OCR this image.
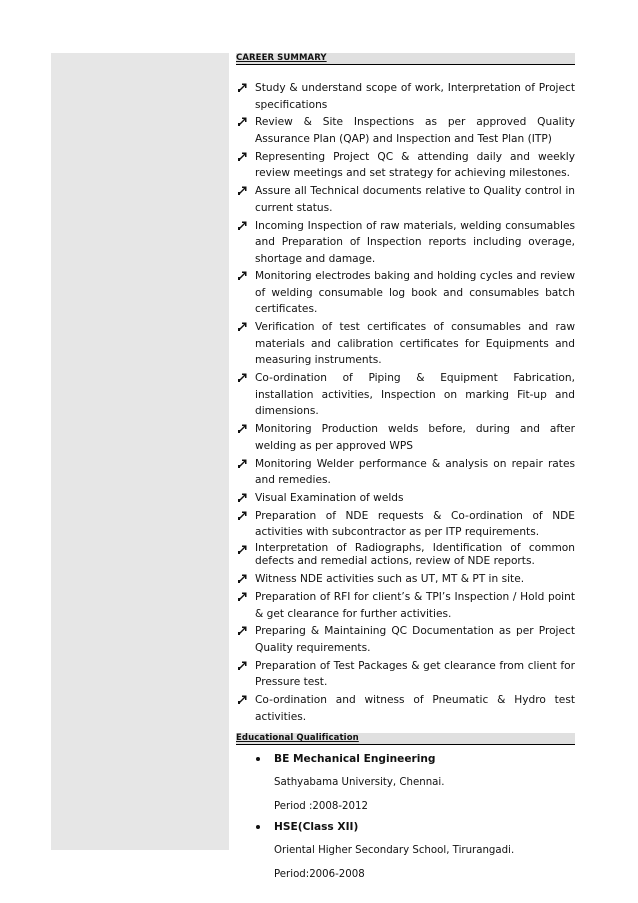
CAREER SUMMARY
Study & understand scope of work, Interpretation of Project specifications
Review & Site Inspections as per approved Quality Assurance Plan (QAP) and Inspection and Test Plan (ITP)
Representing Project QC & attending daily and weekly review meetings and set strategy for achieving milestones.
Assure all Technical documents relative to Quality control in current status.
Incoming Inspection of raw materials, welding consumables and Preparation of Inspection reports including overage, shortage and damage.
Monitoring electrodes baking and holding cycles and review of welding consumable log book and consumables batch certificates.
Verification of test certificates of consumables and raw materials and calibration certificates for Equipments and measuring instruments.
Co-ordination of Piping & Equipment Fabrication, installation activities, Inspection on marking Fit-up and dimensions.
Monitoring Production welds before, during and after welding as per approved WPS
Monitoring Welder performance & analysis on repair rates and remedies.
Visual Examination of welds
Preparation of NDE requests & Co-ordination of NDE activities with subcontractor as per ITP requirements.
Interpretation of Radiographs, Identification of common defects and remedial actions, review of NDE reports.
Witness NDE activities such as UT, MT & PT in site.
Preparation of RFI for client’s & TPI’s Inspection / Hold point & get clearance for further activities.
Preparing & Maintaining QC Documentation as per Project Quality requirements.
Preparation of Test Packages & get clearance from client for Pressure test.
Co-ordination and witness of Pneumatic & Hydro test activities.
Educational Qualification
BE Mechanical Engineering
Sathyabama University, Chennai.
Period :2008-2012
HSE(Class XII)
Oriental Higher Secondary School, Tirurangadi.
Period:2006-2008
